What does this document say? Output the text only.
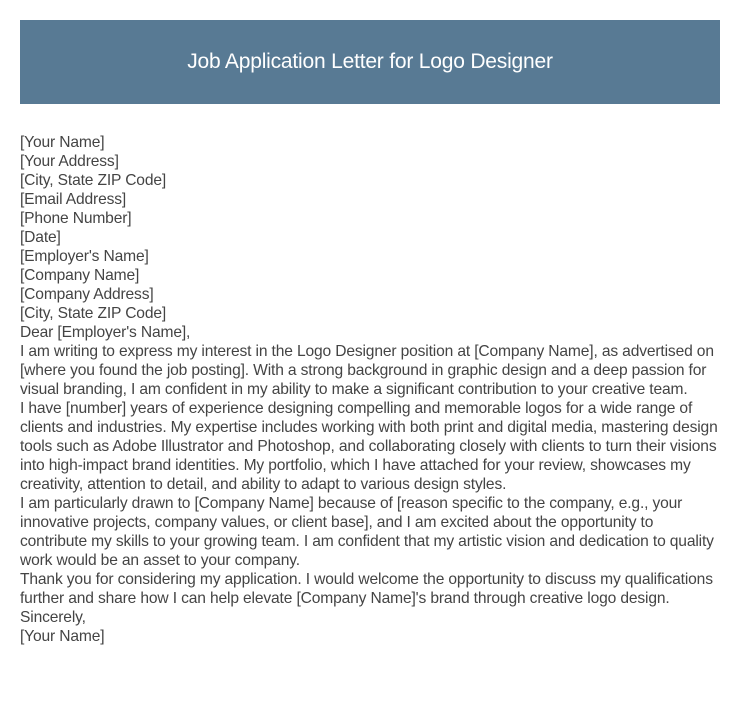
Job Application Letter for Logo Designer
[Your Name]
[Your Address]
[City, State ZIP Code]
[Email Address]
[Phone Number]
[Date]
[Employer's Name]
[Company Name]
[Company Address]
[City, State ZIP Code]
Dear [Employer's Name],
I am writing to express my interest in the Logo Designer position at [Company Name], as advertised on [where you found the job posting]. With a strong background in graphic design and a deep passion for visual branding, I am confident in my ability to make a significant contribution to your creative team.
I have [number] years of experience designing compelling and memorable logos for a wide range of clients and industries. My expertise includes working with both print and digital media, mastering design tools such as Adobe Illustrator and Photoshop, and collaborating closely with clients to turn their visions into high-impact brand identities. My portfolio, which I have attached for your review, showcases my creativity, attention to detail, and ability to adapt to various design styles.
I am particularly drawn to [Company Name] because of [reason specific to the company, e.g., your innovative projects, company values, or client base], and I am excited about the opportunity to contribute my skills to your growing team. I am confident that my artistic vision and dedication to quality work would be an asset to your company.
Thank you for considering my application. I would welcome the opportunity to discuss my qualifications further and share how I can help elevate [Company Name]'s brand through creative logo design.
Sincerely,
[Your Name]
